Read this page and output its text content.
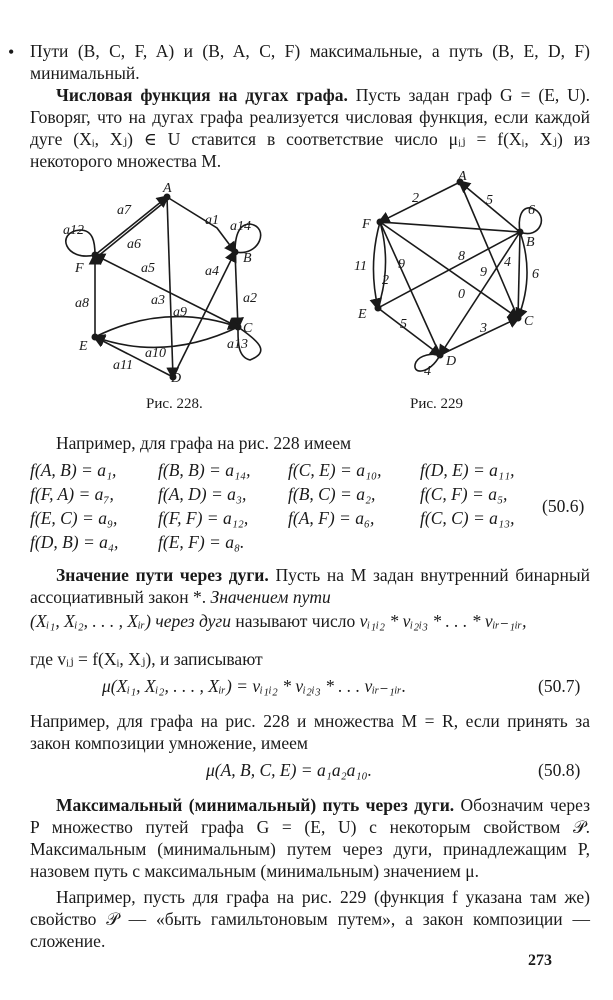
• Пути (B, C, F, A) и (B, A, C, F) максимальные, а путь (B, E, D, F) минимальный.
Числовая функция на дугах графа. Пусть задан граф G = (E, U). Говоряг, что на дугах графа реализуется числовая функция, если каждой дуге (Xᵢ, Xⱼ) ∈ U ставится в соответствие число μᵢⱼ = f(Xᵢ, Xⱼ) из некоторого множества M.
A
B
C
D
E
F
a1
a2
a3
a4
a5
a6
a7
a8
a9
a10
a11
a12
a13
a14
Рис. 228.
A
B
C
D
E
F
2	5
6
4
6
3
4
5
11
2
9
8
0
9
Рис. 229
Например, для графа на рис. 228 имеем
f(A, B) = a₁, f(B, B) = a₁₄, f(C, E) = a₁₀, f(D, E) = a₁₁,
f(F, A) = a₇,	f(A, D) = a₃, f(B, C) = a₂,	f(C, F) = a₅,
f(E, C) = a₉, f(F, F) = a₁₂, f(A, F) = a₆,	f(C, C) = a₁₃,
f(D, B) = a₄, f(E, F) = a₈.
(50.6)
Значение пути через дуги. Пусть на M задан внутренний бинарный ассоциативный закон *. Значением пути
(Xᵢ₁, Xᵢ₂, . . . , Xᵢᵣ) через дуги называют число vᵢ₁ᵢ₂ * vᵢ₂ᵢ₃ * . . . * vᵢᵣ₋₁ᵢᵣ,
где vᵢⱼ = f(Xᵢ, Xⱼ), и записывают
μ(Xᵢ₁, Xᵢ₂, . . . , Xᵢᵣ) = vᵢ₁ᵢ₂ * vᵢ₂ᵢ₃ * . . . vᵢᵣ₋₁ᵢᵣ.	(50.7)
Например, для графа на рис. 228 и множества M = R, если принять за закон композиции умножение, имеем
μ(A, B, C, E) = a₁a₂a₁₀.	(50.8)
Максимальный (минимальный) путь через дуги. Обозначим через P множество путей графа G = (E, U) с некоторым свойством 𝒫. Максимальным (минимальным) путем через дуги, принадлежащим P, назовем путь с максимальным (минимальным) значением μ.
Например, пусть для графа на рис. 229 (функция f указана там же) свойство 𝒫 — «быть гамильтоновым путем», а закон композиции — сложение.
273
